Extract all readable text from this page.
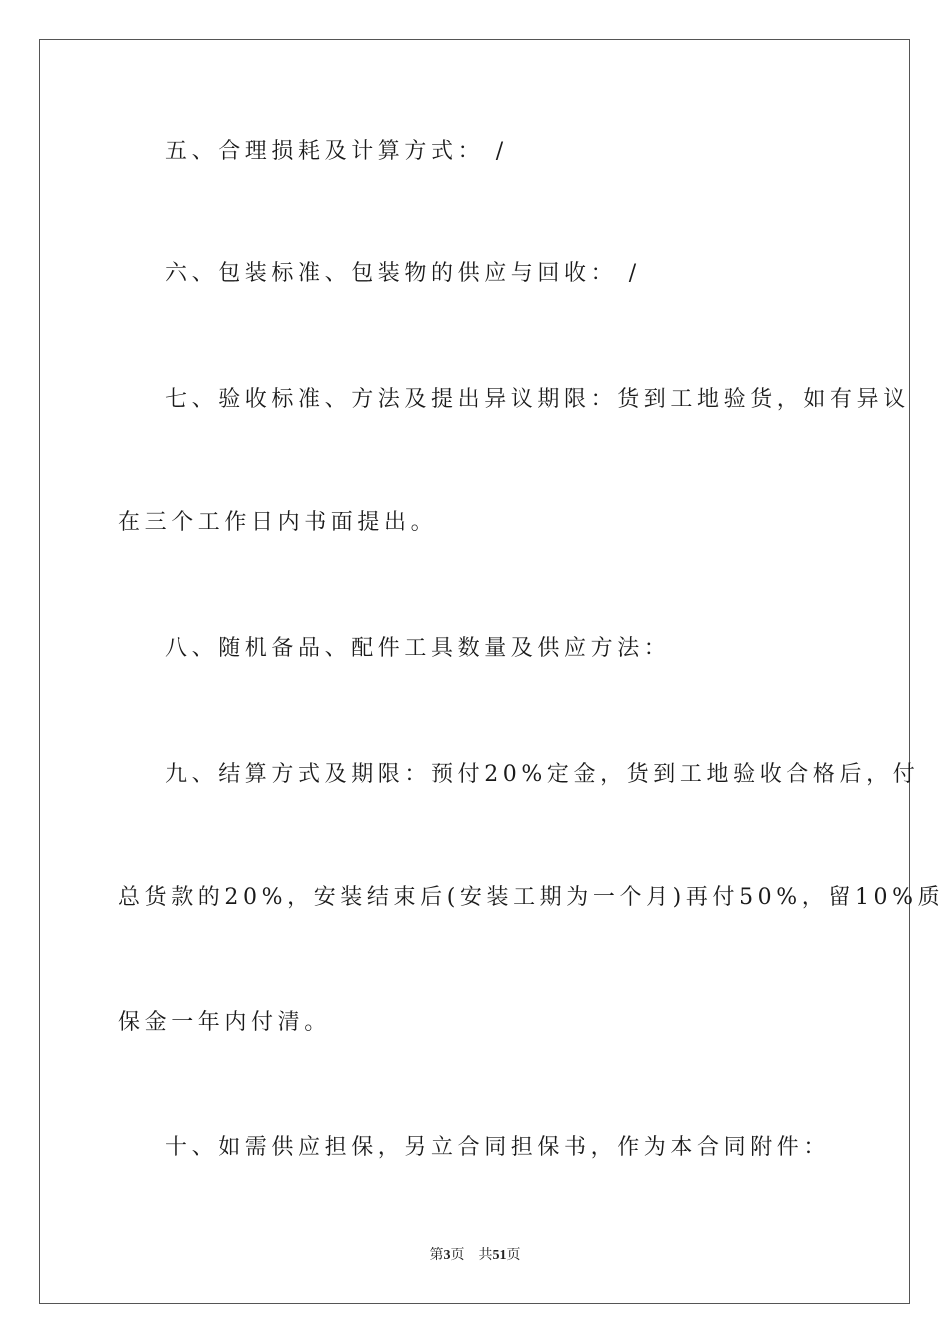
五、合理损耗及计算方式： /
六、包装标准、包装物的供应与回收： /
七、验收标准、方法及提出异议期限：货到工地验货，如有异议
在三个工作日内书面提出。
八、随机备品、配件工具数量及供应方法：
九、结算方式及期限：预付20%定金，货到工地验收合格后，付
总货款的20%，安装结束后(安装工期为一个月)再付50%，留10%质
保金一年内付清。
十、如需供应担保，另立合同担保书，作为本合同附件：
第3页 共51页
